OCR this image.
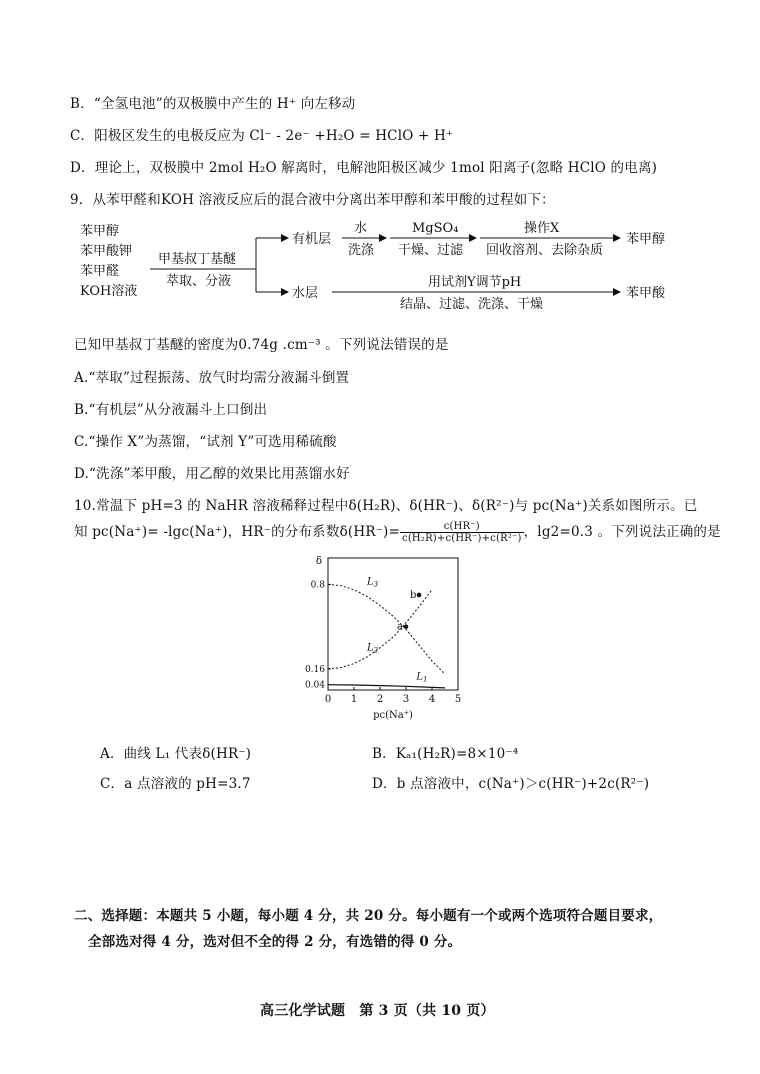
B．“全氢电池”的双极膜中产生的 H⁺ 向左移动
C．阳极区发生的电极反应为 Cl⁻ - 2e⁻ +H₂O = HClO + H⁺
D．理论上，双极膜中 2mol H₂O 解离时，电解池阳极区减少 1mol 阳离子(忽略 HClO 的电离)
9．从苯甲醛和KOH 溶液反应后的混合液中分离出苯甲醇和苯甲酸的过程如下：
苯甲醇
苯甲酸钾
苯甲醛
KOH溶液
甲基叔丁基醚
萃取、分液
有机层
水
洗涤
MgSO₄
干燥、过滤
操作X
回收溶剂、去除杂质
苯甲醇
水层
用试剂Y调节pH
结晶、过滤、洗涤、干燥
苯甲酸
已知甲基叔丁基醚的密度为0.74g .cm⁻³ 。下列说法错误的是
A.“萃取”过程振荡、放气时均需分液漏斗倒置
B.“有机层”从分液漏斗上口倒出
C.“操作 X”为蒸馏，“试剂 Y”可选用稀硫酸
D.“洗涤”苯甲酸，用乙醇的效果比用蒸馏水好
10.常温下 pH=3 的 NaHR 溶液稀释过程中δ(H₂R)、δ(HR⁻)、δ(R²⁻)与 pc(Na⁺)关系如图所示。已
知 pc(Na⁺)= -lgc(Na⁺)，HR⁻的分布系数$\delta(HR^-)= \frac{c(HR^-)}{\text{c(H₂R)+c(HR⁻)+c(R²⁻)}}$ ，lg2=0.3 。下列说法正确的是
0 1 2 3 4 5
0.04
0.16
0.8
δ
pc(Na⁺)
$L_3$
$L_2$
$L_1$
a
b
A．曲线 L₁ 代表δ(HR⁻)	B．Kₐ₁(H₂R)=8×10⁻⁴
C．a 点溶液的 pH=3.7	D．b 点溶液中，c(Na⁺)＞c(HR⁻)+2c(R²⁻)
二、选择题：本题共 5 小题，每小题 4 分，共 20 分。每小题有一个或两个选项符合题目要求，
全部选对得 4 分，选对但不全的得 2 分，有选错的得 0 分。
高三化学试题　第 3 页（共 10 页）
